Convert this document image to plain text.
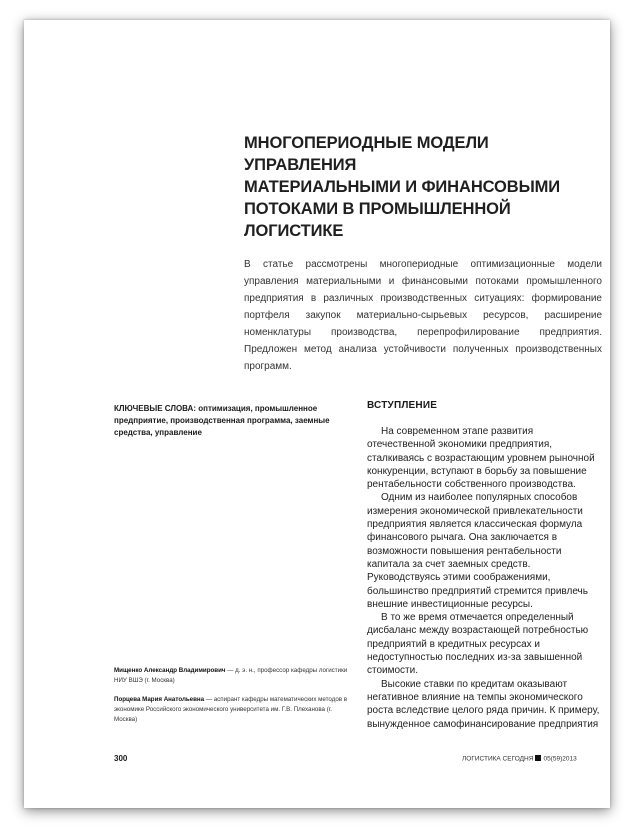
МНОГОПЕРИОДНЫЕ МОДЕЛИ УПРАВЛЕНИЯ
МАТЕРИАЛЬНЫМИ И ФИНАНСОВЫМИ
ПОТОКАМИ В ПРОМЫШЛЕННОЙ ЛОГИСТИКЕ

В статье рассмотрены многопериодные оптимизационные модели управления материальными и финансовыми потоками промышленного предприятия в различных производственных ситуациях: формирование портфеля закупок материально-сырьевых ресурсов, расширение номенклатуры производства, перепрофилирование предприятия. Предложен метод анализа устойчивости полученных производственных программ.

КЛЮЧЕВЫЕ СЛОВА: оптимизация, промышленное предприятие, производственная программа, заемные средства, управление

Мищенко Александр Владимирович — д. э. н., профессор кафедры логистики НИУ ВШЭ (г. Москва)

Порцева Мария Анатольевна — аспирант кафедры математических методов в экономике Российского экономического университета им. Г.В. Плеханова (г. Москва)

ВСТУПЛЕНИЕ

На современном этапе развития отечественной экономики предприятия, сталкиваясь с возрастающим уровнем рыночной конкуренции, вступают в борьбу за повышение рентабельности собственного производства.

Одним из наиболее популярных способов измерения экономической привлекательности предприятия является классическая формула финансового рычага. Она заключается в возможности повышения рентабельности капитала за счет заемных средств. Руководствуясь этими соображениями, большинство предприятий стремится привлечь внешние инвестиционные ресурсы.

В то же время отмечается определенный дисбаланс между возрастающей потребностью предприятий в кредитных ресурсах и недоступностью последних из-за завышенной стоимости.

Высокие ставки по кредитам оказывают негативное влияние на темпы экономического роста вследствие целого ряда причин. К примеру, вынужденное самофинансирование предприятия

300	ЛОГИСТИКА СЕГОДНЯ 05(59)2013
